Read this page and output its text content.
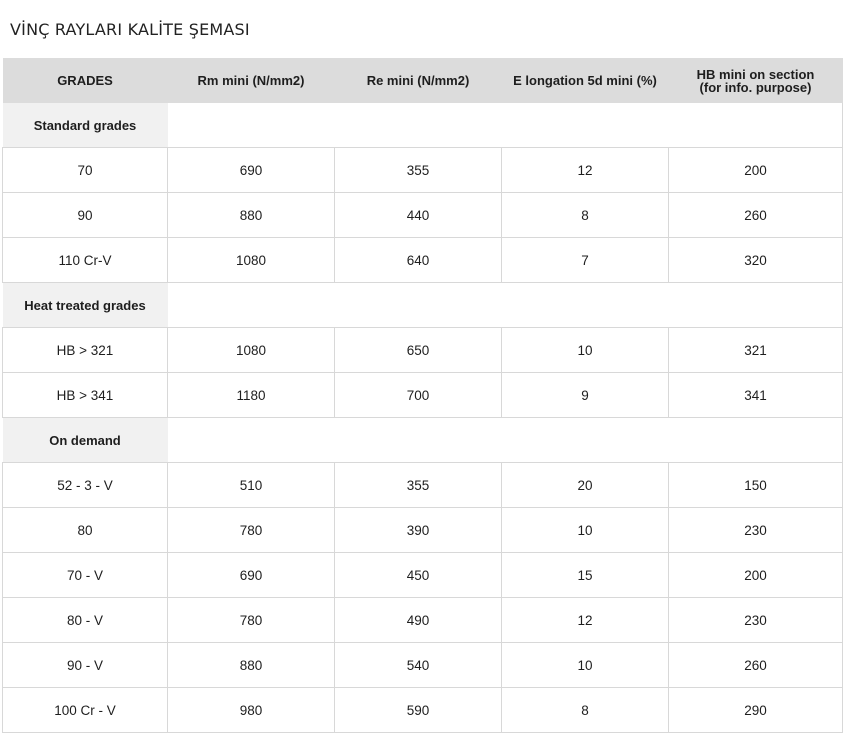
VİNÇ RAYLARI KALİTE ŞEMASI
GRADES	Rm mini (N/mm2)	Re mini (N/mm2)	E longation 5d mini (%)	HB mini on section
(for info. purpose)

Standard grades				
70	690	355	12	200
90	880	440	8	260
110 Cr-V	1080	640	7	320
Heat treated grades				
HB > 321	1080	650	10	321
HB > 341	1180	700	9	341
On demand				
52 - 3 - V	510	355	20	150
80	780	390	10	230
70 - V	690	450	15	200
80 - V	780	490	12	230
90 - V	880	540	10	260
100 Cr - V	980	590	8	290
